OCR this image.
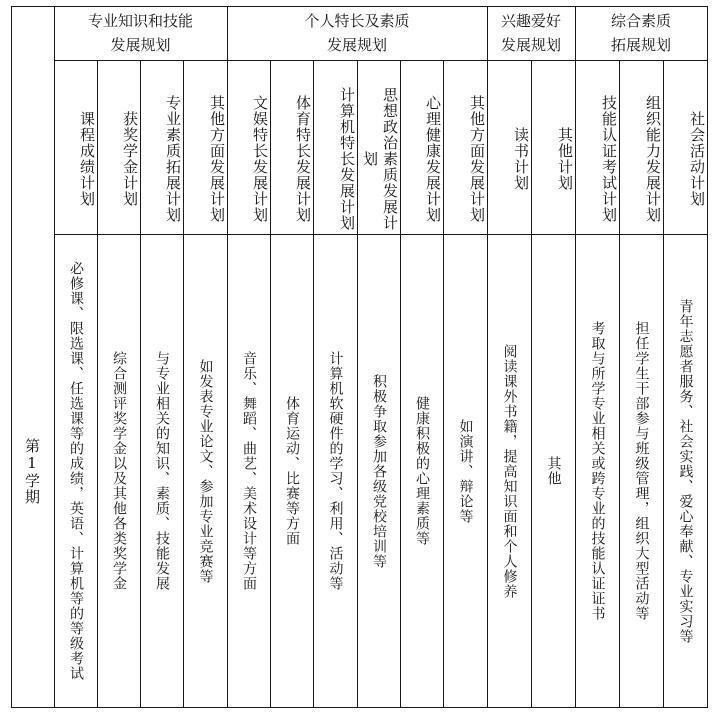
第1学期
专业知识和技能
发展规划
个人特长及素质
发展规划
兴趣爱好
发展规划
综合素质
拓展规划
课程成绩计划
必修课、限选课、任选课等的成绩，英语、计算机等的等级考试
获奖学金计划
综合测评奖学金以及其他各类奖学金
专业素质拓展计划
与专业相关的知识、素质、技能发展
其他方面发展计划
如发表专业论文、参加专业竞赛等
文娱特长发展计划
音乐、舞蹈、曲艺、美术设计等方面
体育特长发展计划
体育运动、比赛等方面
计算机特长发展计划
计算机软硬件的学习、利用、活动等
思想政治素质发展计划
积极争取参加各级党校培训等
心理健康发展计划
健康积极的心理素质等
其他方面发展计划
如演讲、辩论等
读书计划
阅读课外书籍，提高知识面和个人修养
其他计划
其他
技能认证考试计划
考取与所学专业相关或跨专业的技能认证证书
组织能力发展计划
担任学生干部参与班级管理，组织大型活动等
社会活动计划
青年志愿者服务、社会实践、爱心奉献、专业实习等
